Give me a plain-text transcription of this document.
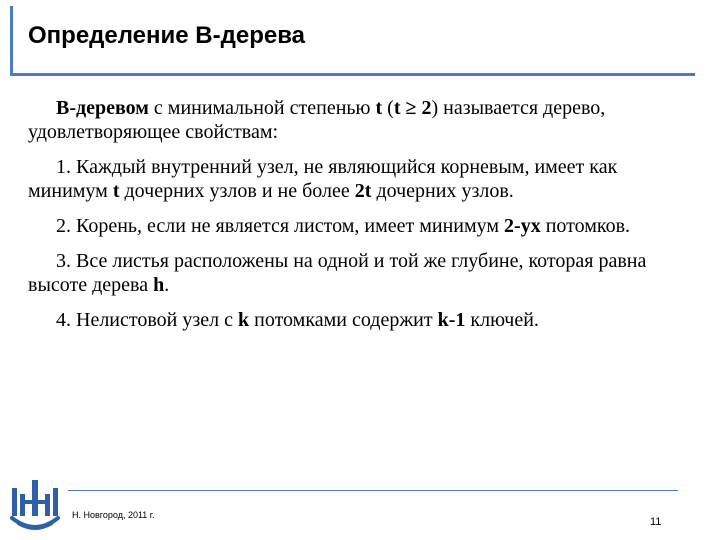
Определение B-дерева

B-деревом с минимальной степенью t (t ≥ 2) называется дерево, удовлетворяющее свойствам:

1. Каждый внутренний узел, не являющийся корневым, имеет как минимум t дочерних узлов и не более 2t дочерних узлов.

2. Корень, если не является листом, имеет минимум 2-ух потомков.

3. Все листья расположены на одной и той же глубине, которая равна высоте дерева h.

4. Нелистовой узел с k потомками содержит k-1 ключей.

Н. Новгород, 2011 г.
11
